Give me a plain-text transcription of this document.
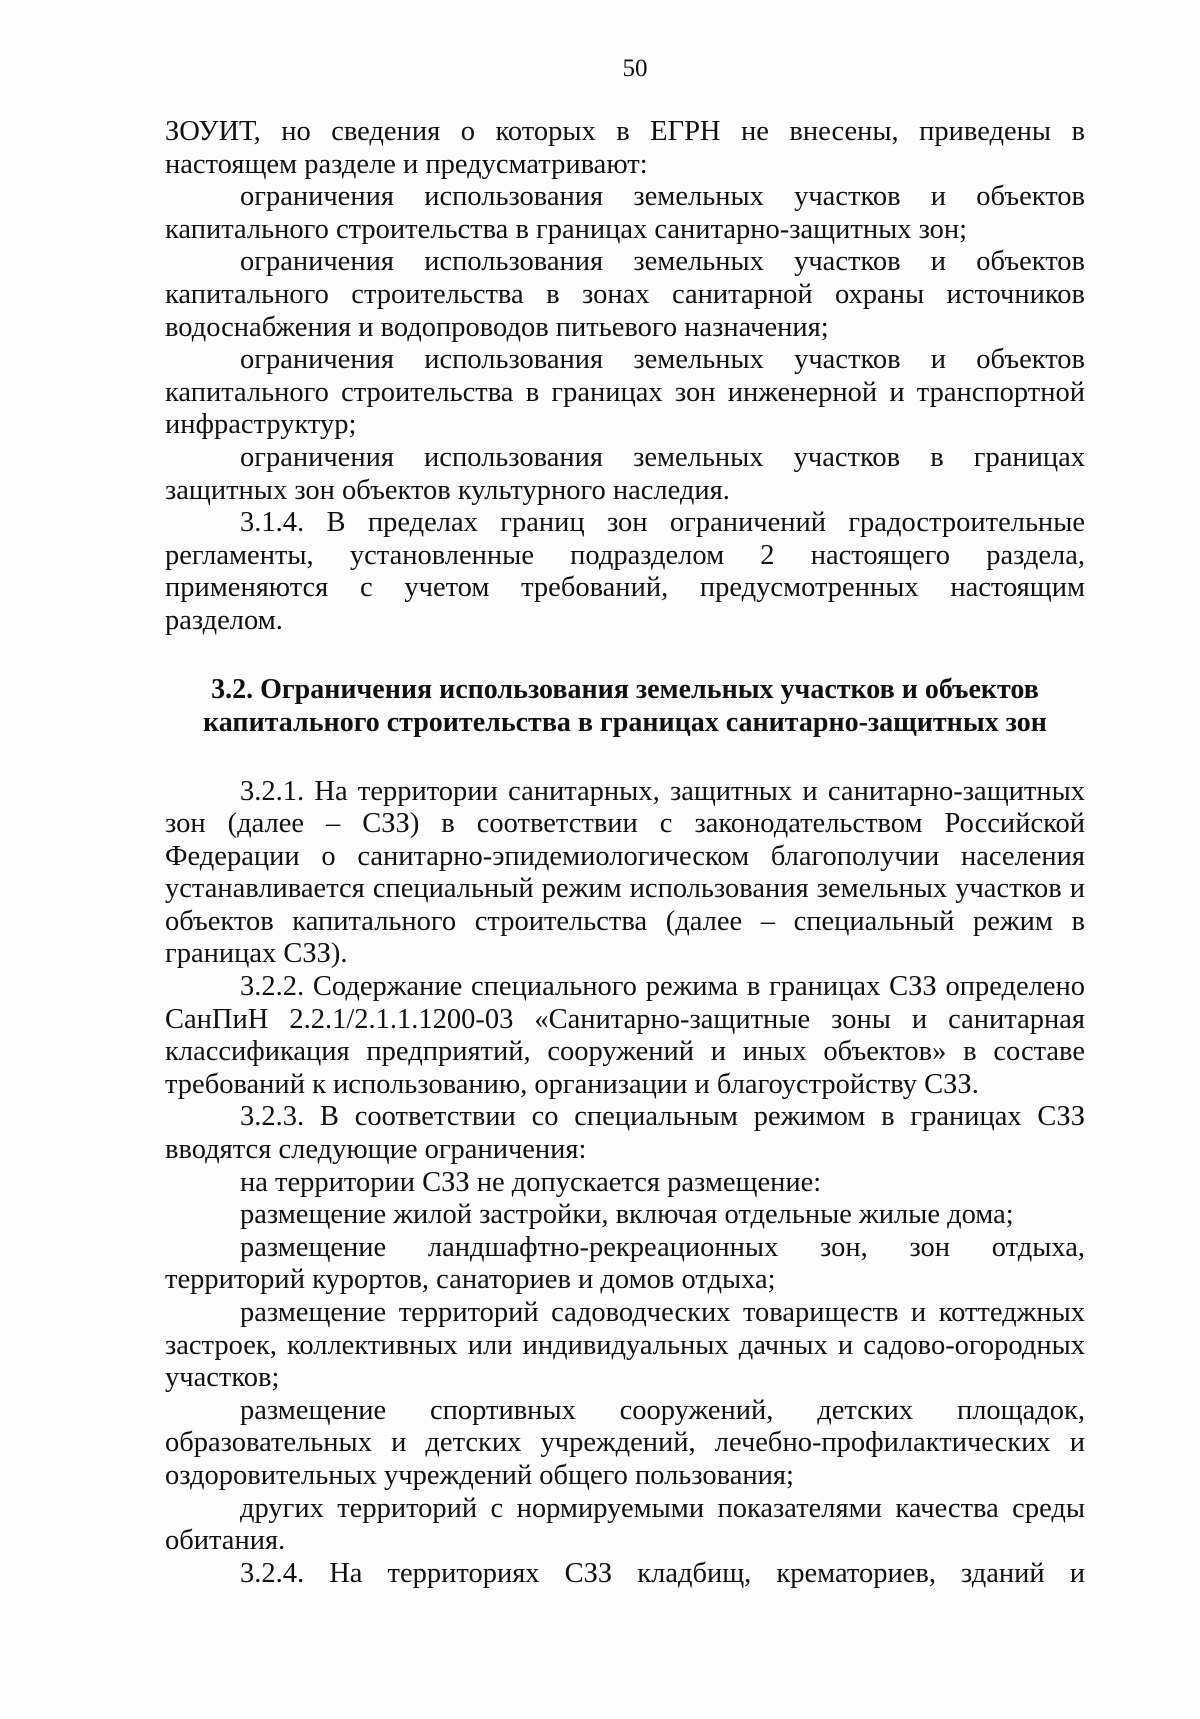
50

ЗОУИТ, но сведения о которых в ЕГРН не внесены, приведены в настоящем разделе и предусматривают:

ограничения использования земельных участков и объектов капитального строительства в границах санитарно-защитных зон;

ограничения использования земельных участков и объектов капитального строительства в зонах санитарной охраны источников водоснабжения и водопроводов питьевого назначения;

ограничения использования земельных участков и объектов капитального строительства в границах зон инженерной и транспортной инфраструктур;

ограничения использования земельных участков в границах защитных зон объектов культурного наследия.

3.1.4. В пределах границ зон ограничений градостроительные регламенты, установленные подразделом 2 настоящего раздела, применяются с учетом требований, предусмотренных настоящим разделом.

3.2. Ограничения использования земельных участков и объектов
капитального строительства в границах санитарно-защитных зон

3.2.1. На территории санитарных, защитных и санитарно-защитных зон (далее – СЗЗ) в соответствии с законодательством Российской Федерации о санитарно-эпидемиологическом благополучии населения устанавливается специальный режим использования земельных участков и объектов капитального строительства (далее – специальный режим в границах СЗЗ).

3.2.2. Содержание специального режима в границах СЗЗ определено СанПиН 2.2.1/2.1.1.1200-03 «Санитарно-защитные зоны и санитарная классификация предприятий, сооружений и иных объектов» в составе требований к использованию, организации и благоустройству СЗЗ.

3.2.3. В соответствии со специальным режимом в границах СЗЗ вводятся следующие ограничения:

на территории СЗЗ не допускается размещение:

размещение жилой застройки, включая отдельные жилые дома;

размещение ландшафтно-рекреационных зон, зон отдыха, территорий курортов, санаториев и домов отдыха;

размещение территорий садоводческих товариществ и коттеджных застроек, коллективных или индивидуальных дачных и садово-огородных участков;

размещение спортивных сооружений, детских площадок, образовательных и детских учреждений, лечебно-профилактических и оздоровительных учреждений общего пользования;

других территорий с нормируемыми показателями качества среды обитания.

3.2.4. На территориях СЗЗ кладбищ, крематориев, зданий и
